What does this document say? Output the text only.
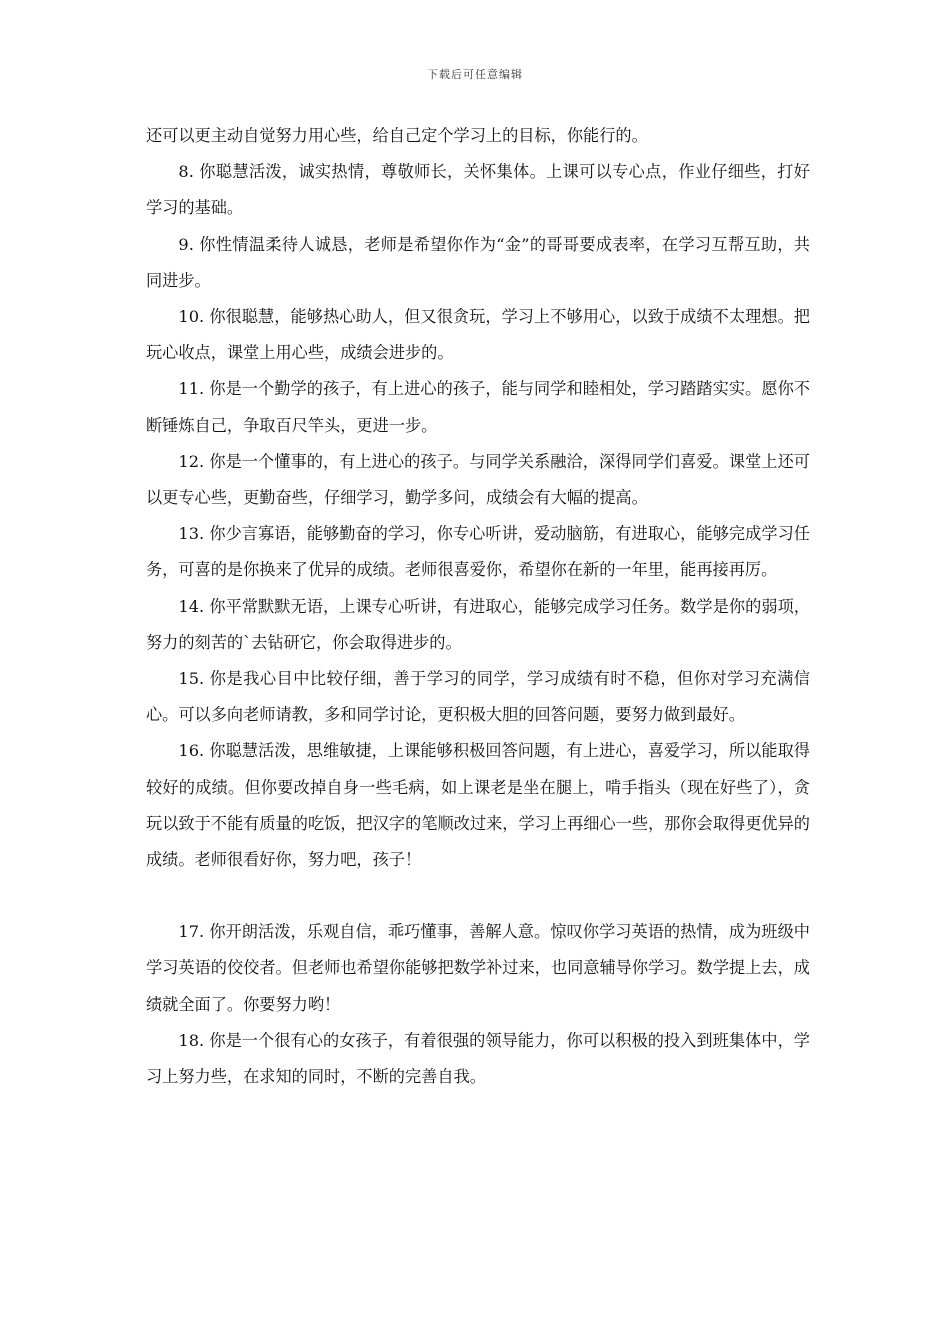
下载后可任意编辑

还可以更主动自觉努力用心些，给自己定个学习上的目标，你能行的。

8. 你聪慧活泼，诚实热情，尊敬师长，关怀集体。上课可以专心点，作业仔细些，打好学习的基础。

9. 你性情温柔待人诚恳，老师是希望你作为“金”的哥哥要成表率，在学习互帮互助，共同进步。

10. 你很聪慧，能够热心助人，但又很贪玩，学习上不够用心，以致于成绩不太理想。把玩心收点，课堂上用心些，成绩会进步的。

11. 你是一个勤学的孩子，有上进心的孩子，能与同学和睦相处，学习踏踏实实。愿你不断锤炼自己，争取百尺竿头，更进一步。

12. 你是一个懂事的，有上进心的孩子。与同学关系融洽，深得同学们喜爱。课堂上还可以更专心些，更勤奋些，仔细学习，勤学多问，成绩会有大幅的提高。

13. 你少言寡语，能够勤奋的学习，你专心听讲，爱动脑筋，有进取心，能够完成学习任务，可喜的是你换来了优异的成绩。老师很喜爱你，希望你在新的一年里，能再接再厉。

14. 你平常默默无语，上课专心听讲，有进取心，能够完成学习任务。数学是你的弱项，努力的刻苦的`去钻研它，你会取得进步的。

15. 你是我心目中比较仔细，善于学习的同学，学习成绩有时不稳，但你对学习充满信心。可以多向老师请教，多和同学讨论，更积极大胆的回答问题，要努力做到最好。

16. 你聪慧活泼，思维敏捷，上课能够积极回答问题，有上进心，喜爱学习，所以能取得较好的成绩。但你要改掉自身一些毛病，如上课老是坐在腿上，啃手指头（现在好些了），贪玩以致于不能有质量的吃饭，把汉字的笔顺改过来，学习上再细心一些，那你会取得更优异的成绩。老师很看好你，努力吧，孩子！

17. 你开朗活泼，乐观自信，乖巧懂事，善解人意。惊叹你学习英语的热情，成为班级中学习英语的佼佼者。但老师也希望你能够把数学补过来，也同意辅导你学习。数学提上去，成绩就全面了。你要努力哟！

18. 你是一个很有心的女孩子，有着很强的领导能力，你可以积极的投入到班集体中，学习上努力些，在求知的同时，不断的完善自我。
